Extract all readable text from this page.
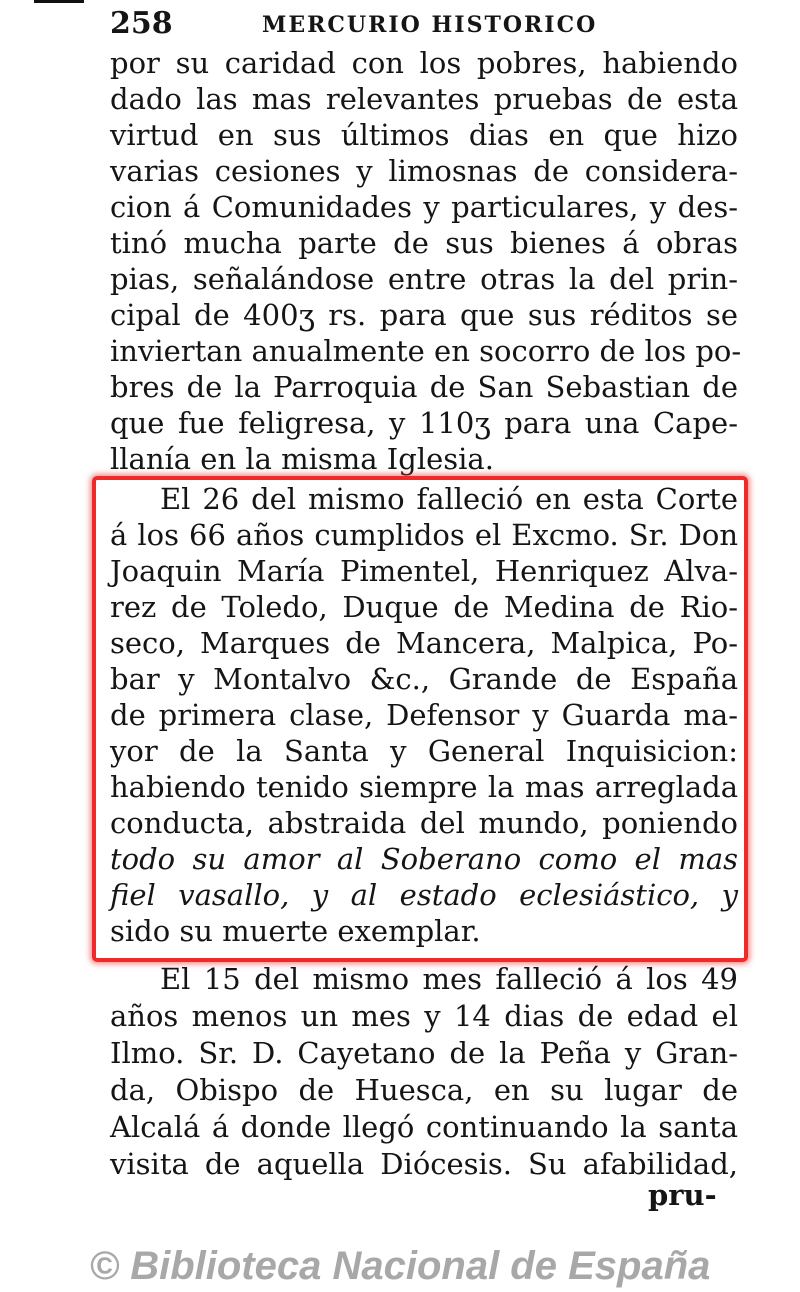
258	MERCURIO HISTORICO
por su caridad con los pobres, habiendo
dado las mas relevantes pruebas de esta
virtud en sus últimos dias en que hizo
varias cesiones y limosnas de considera-
cion á Comunidades y particulares, y des-
tinó mucha parte de sus bienes á obras
pias, señalándose entre otras la del prin-
cipal de 400ʒ rs. para que sus réditos se
inviertan anualmente en socorro de los po-
bres de la Parroquia de San Sebastian de
que fue feligresa, y 110ʒ para una Cape-
llanía en la misma Iglesia.
El 26 del mismo falleció en esta Corte
á los 66 años cumplidos el Excmo. Sr. Don
Joaquin María Pimentel, Henriquez Alva-
rez de Toledo, Duque de Medina de Rio-
seco, Marques de Mancera, Malpica, Po-
bar y Montalvo &c., Grande de España
de primera clase, Defensor y Guarda ma-
yor de la Santa y General Inquisicion:
habiendo tenido siempre la mas arreglada
conducta, abstraida del mundo, poniendo
todo su amor al Soberano como el mas
fiel vasallo, y al estado eclesiástico, y
sido su muerte exemplar.
El 15 del mismo mes falleció á los 49
años menos un mes y 14 dias de edad el
Ilmo. Sr. D. Cayetano de la Peña y Gran-
da, Obispo de Huesca, en su lugar de
Alcalá á donde llegó continuando la santa
visita de aquella Diócesis. Su afabilidad,
pru-
© Biblioteca Nacional de España
